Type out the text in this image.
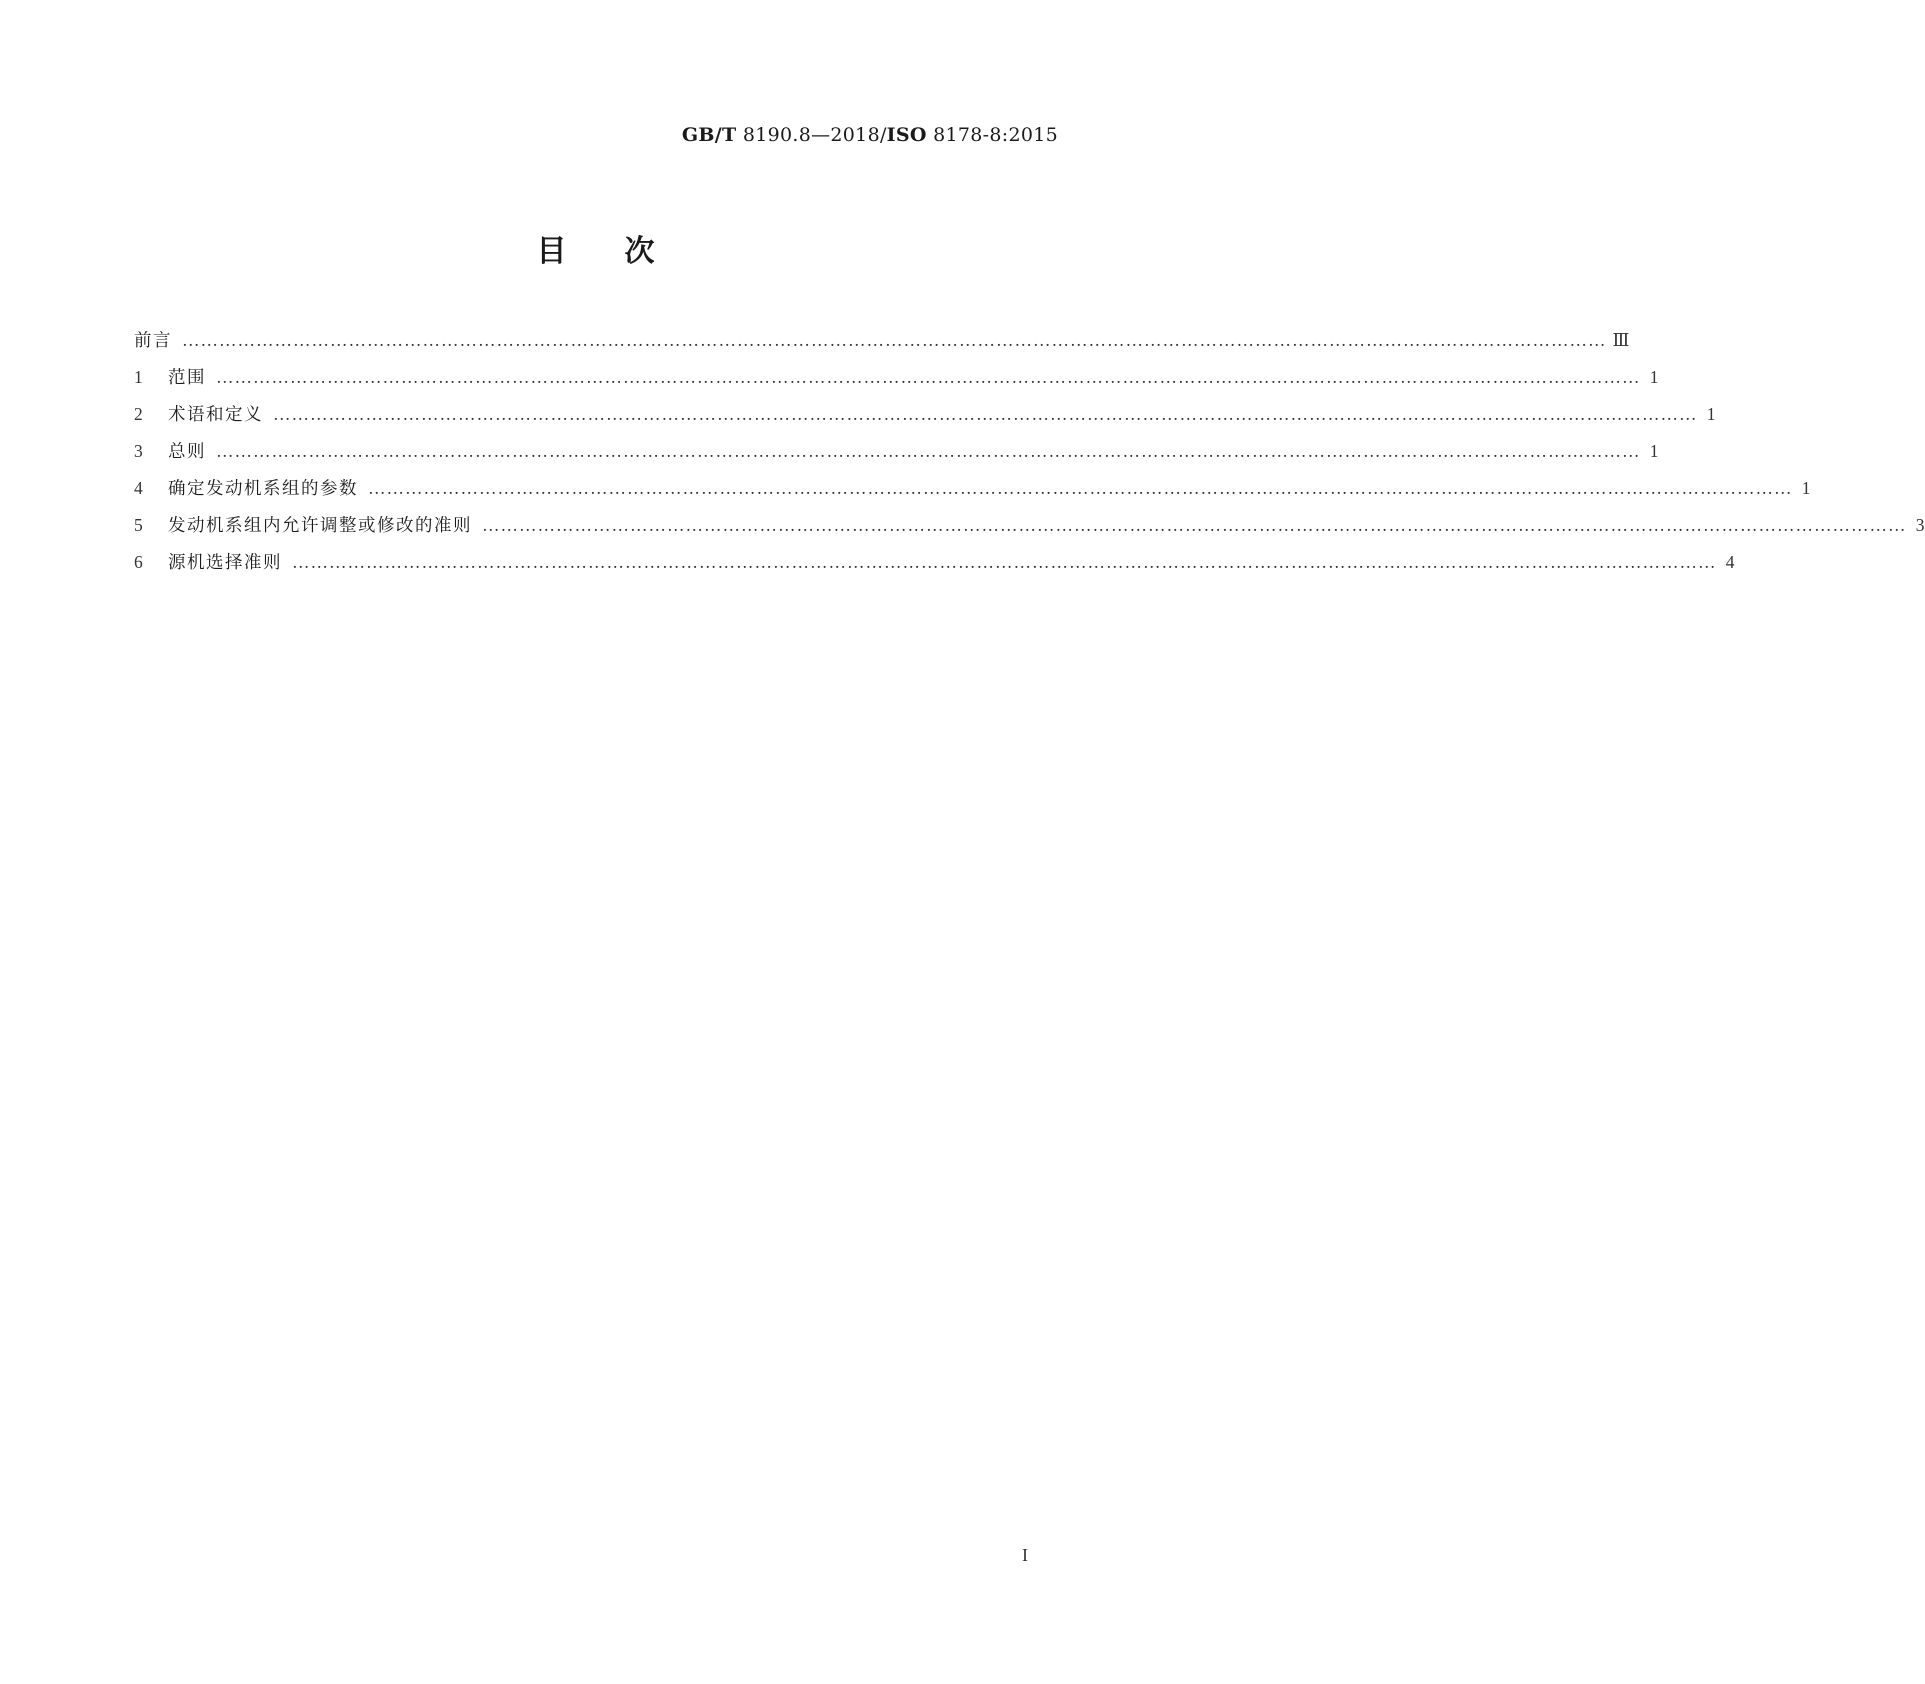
GB/T 8190.8—2018/ISO 8178-8:2015
目次
前言 …………………………………………………………………………………………………………………………………………………………………………………………………………… Ⅲ
1	范围 …………………………………………………………………………………………………………………………………………………………………………………………………………… 1
2	术语和定义 …………………………………………………………………………………………………………………………………………………………………………………………………………… 1
3	总则 …………………………………………………………………………………………………………………………………………………………………………………………………………… 1
4	确定发动机系组的参数 …………………………………………………………………………………………………………………………………………………………………………………………………………… 1
5	发动机系组内允许调整或修改的准则 …………………………………………………………………………………………………………………………………………………………………………………………………………… 3
6	源机选择准则 …………………………………………………………………………………………………………………………………………………………………………………………………………… 4
I
